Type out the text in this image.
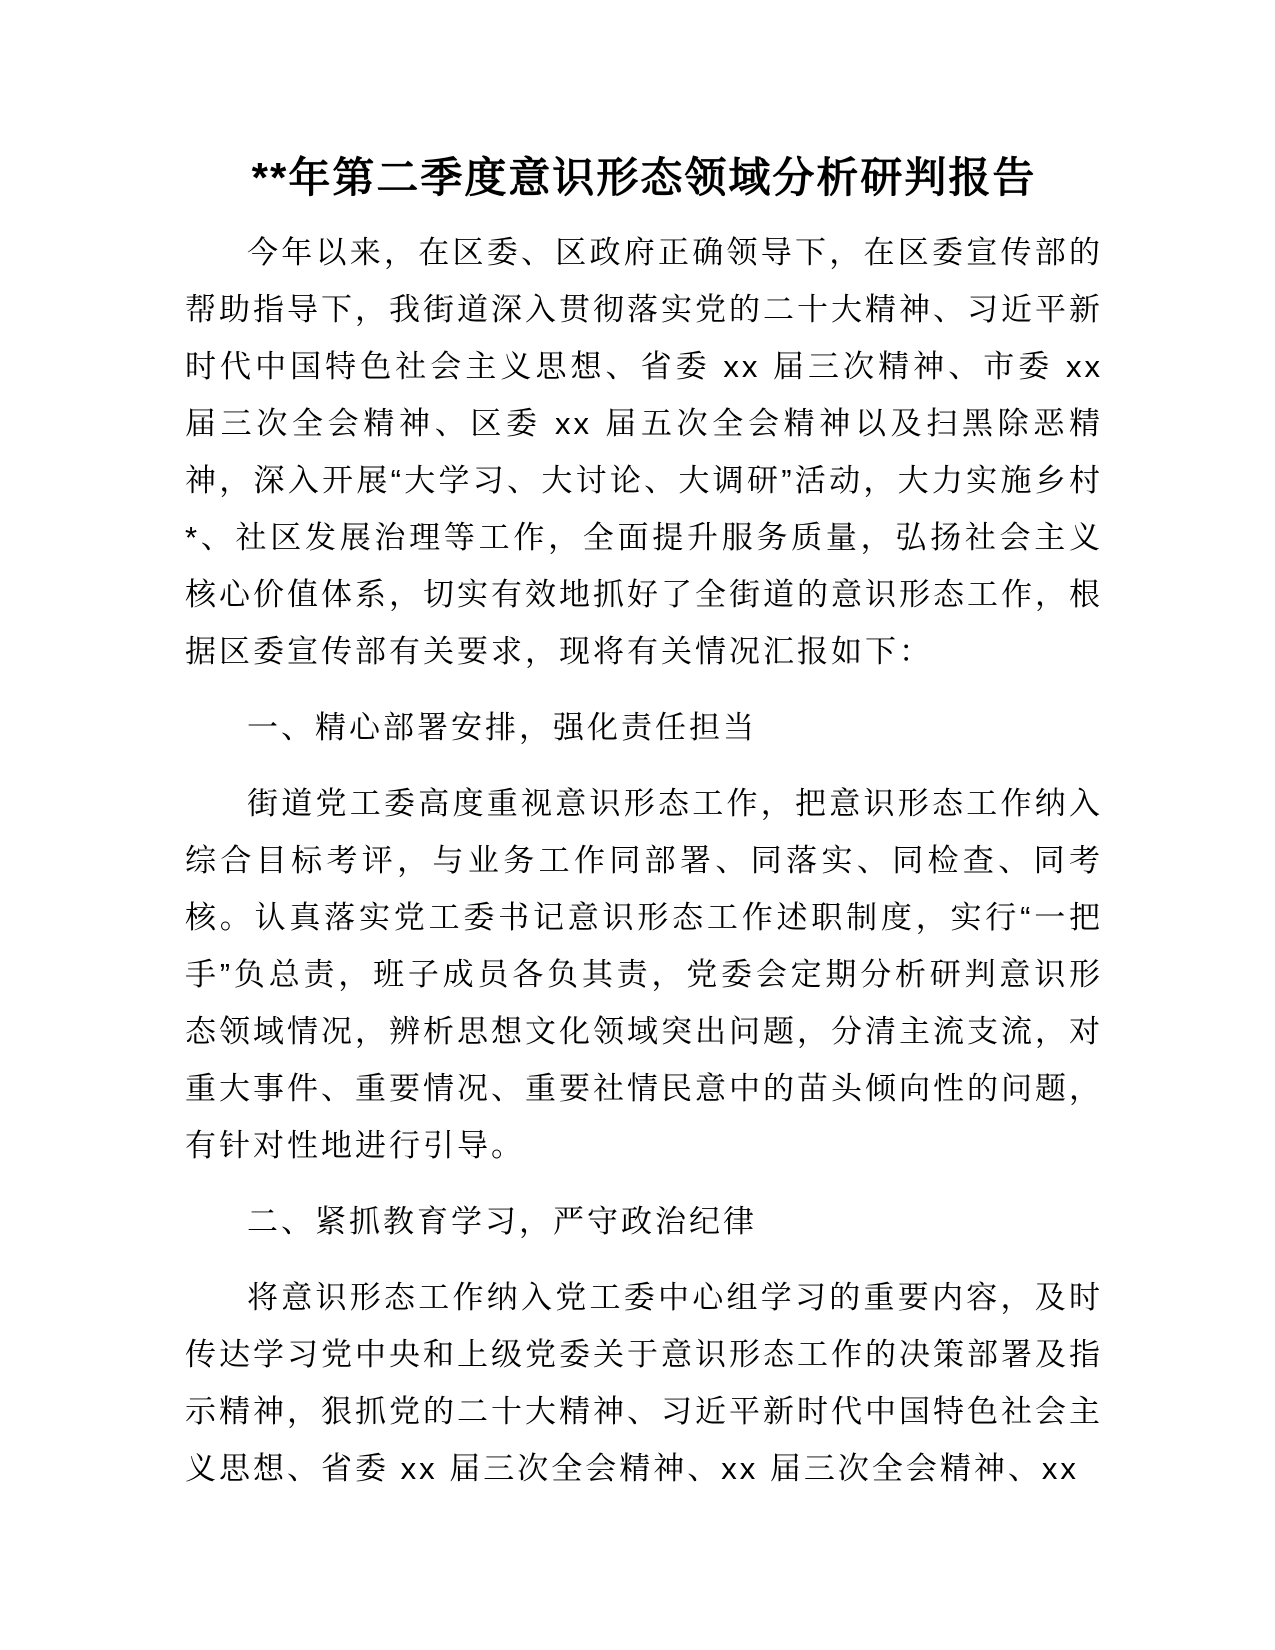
**年第二季度意识形态领域分析研判报告

今年以来，在区委、区政府正确领导下，在区委宣传部的帮助指导下，我街道深入贯彻落实党的二十大精神、习近平新时代中国特色社会主义思想、省委 xx 届三次精神、市委 xx 届三次全会精神、区委 xx 届五次全会精神以及扫黑除恶精神，深入开展“大学习、大讨论、大调研”活动，大力实施乡村*、社区发展治理等工作，全面提升服务质量，弘扬社会主义核心价值体系，切实有效地抓好了全街道的意识形态工作，根据区委宣传部有关要求，现将有关情况汇报如下：

一、精心部署安排，强化责任担当

街道党工委高度重视意识形态工作，把意识形态工作纳入综合目标考评，与业务工作同部署、同落实、同检查、同考核。认真落实党工委书记意识形态工作述职制度，实行“一把手”负总责，班子成员各负其责，党委会定期分析研判意识形态领域情况，辨析思想文化领域突出问题，分清主流支流，对重大事件、重要情况、重要社情民意中的苗头倾向性的问题，有针对性地进行引导。

二、紧抓教育学习，严守政治纪律

将意识形态工作纳入党工委中心组学习的重要内容，及时传达学习党中央和上级党委关于意识形态工作的决策部署及指示精神，狠抓党的二十大精神、习近平新时代中国特色社会主义思想、省委 xx 届三次全会精神、xx 届三次全会精神、xx
